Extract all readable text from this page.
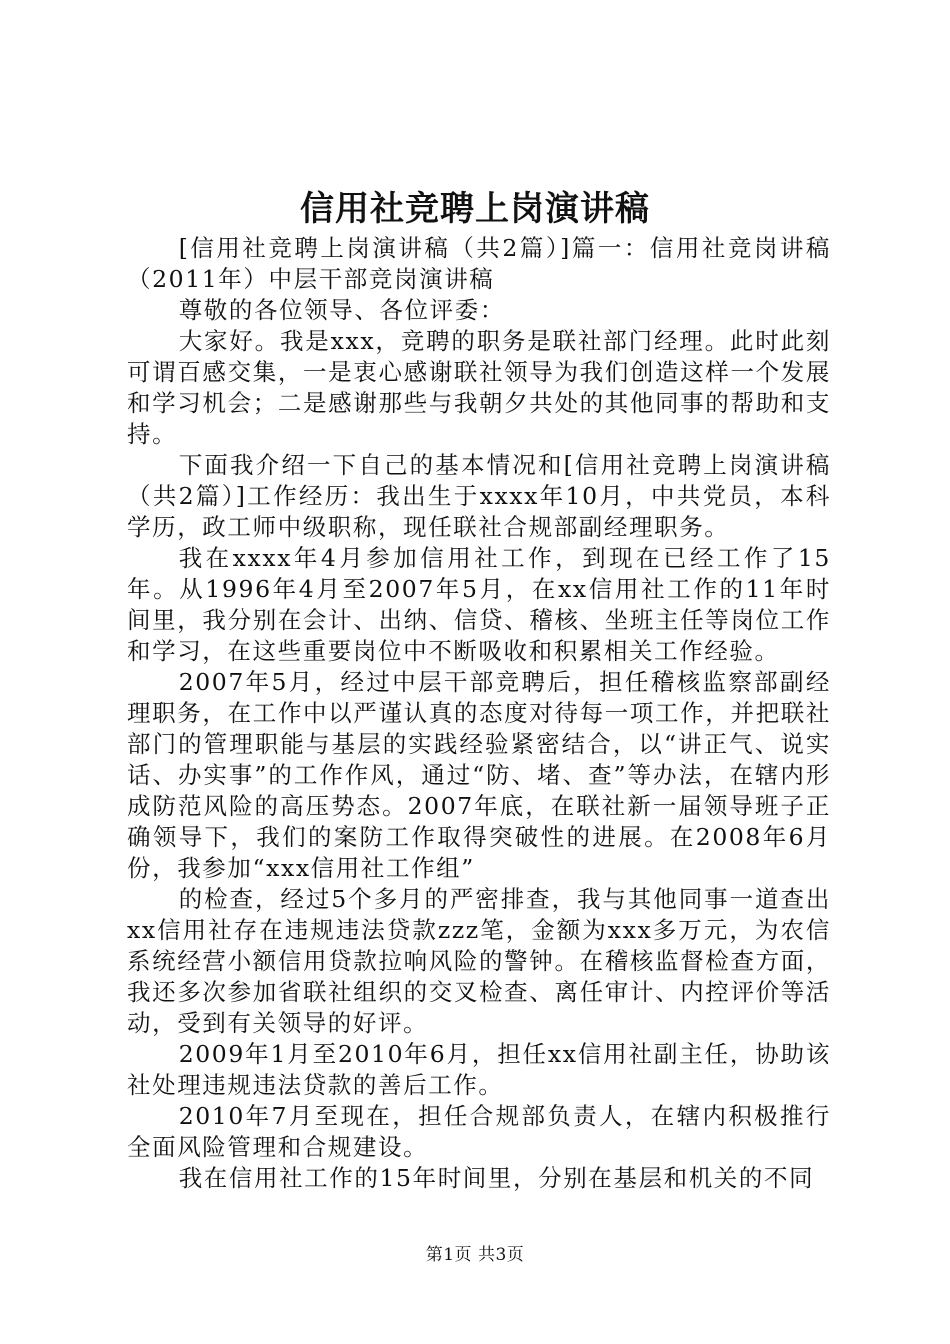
信用社竞聘上岗演讲稿

[信用社竞聘上岗演讲稿（共2篇）]篇一：信用社竞岗讲稿（2011年）中层干部竞岗演讲稿

尊敬的各位领导、各位评委：

大家好。我是xxx，竞聘的职务是联社部门经理。此时此刻可谓百感交集，一是衷心感谢联社领导为我们创造这样一个发展和学习机会；二是感谢那些与我朝夕共处的其他同事的帮助和支持。

下面我介绍一下自己的基本情况和[信用社竞聘上岗演讲稿（共2篇）]工作经历：我出生于xxxx年10月，中共党员，本科学历，政工师中级职称，现任联社合规部副经理职务。

我在xxxx年4月参加信用社工作，到现在已经工作了15年。从1996年4月至2007年5月，在xx信用社工作的11年时间里，我分别在会计、出纳、信贷、稽核、坐班主任等岗位工作和学习，在这些重要岗位中不断吸收和积累相关工作经验。

2007年5月，经过中层干部竞聘后，担任稽核监察部副经理职务，在工作中以严谨认真的态度对待每一项工作，并把联社部门的管理职能与基层的实践经验紧密结合，以“讲正气、说实话、办实事”的工作作风，通过“防、堵、查”等办法，在辖内形成防范风险的高压势态。2007年底，在联社新一届领导班子正确领导下，我们的案防工作取得突破性的进展。在2008年6月份，我参加“xxx信用社工作组”

的检查，经过5个多月的严密排查，我与其他同事一道查出xx信用社存在违规违法贷款zzz笔，金额为xxx多万元，为农信系统经营小额信用贷款拉响风险的警钟。在稽核监督检查方面，我还多次参加省联社组织的交叉检查、离任审计、内控评价等活动，受到有关领导的好评。

2009年1月至2010年6月，担任xx信用社副主任，协助该社处理违规违法贷款的善后工作。

2010年7月至现在，担任合规部负责人，在辖内积极推行全面风险管理和合规建设。

我在信用社工作的15年时间里，分别在基层和机关的不同

第1页 共3页
